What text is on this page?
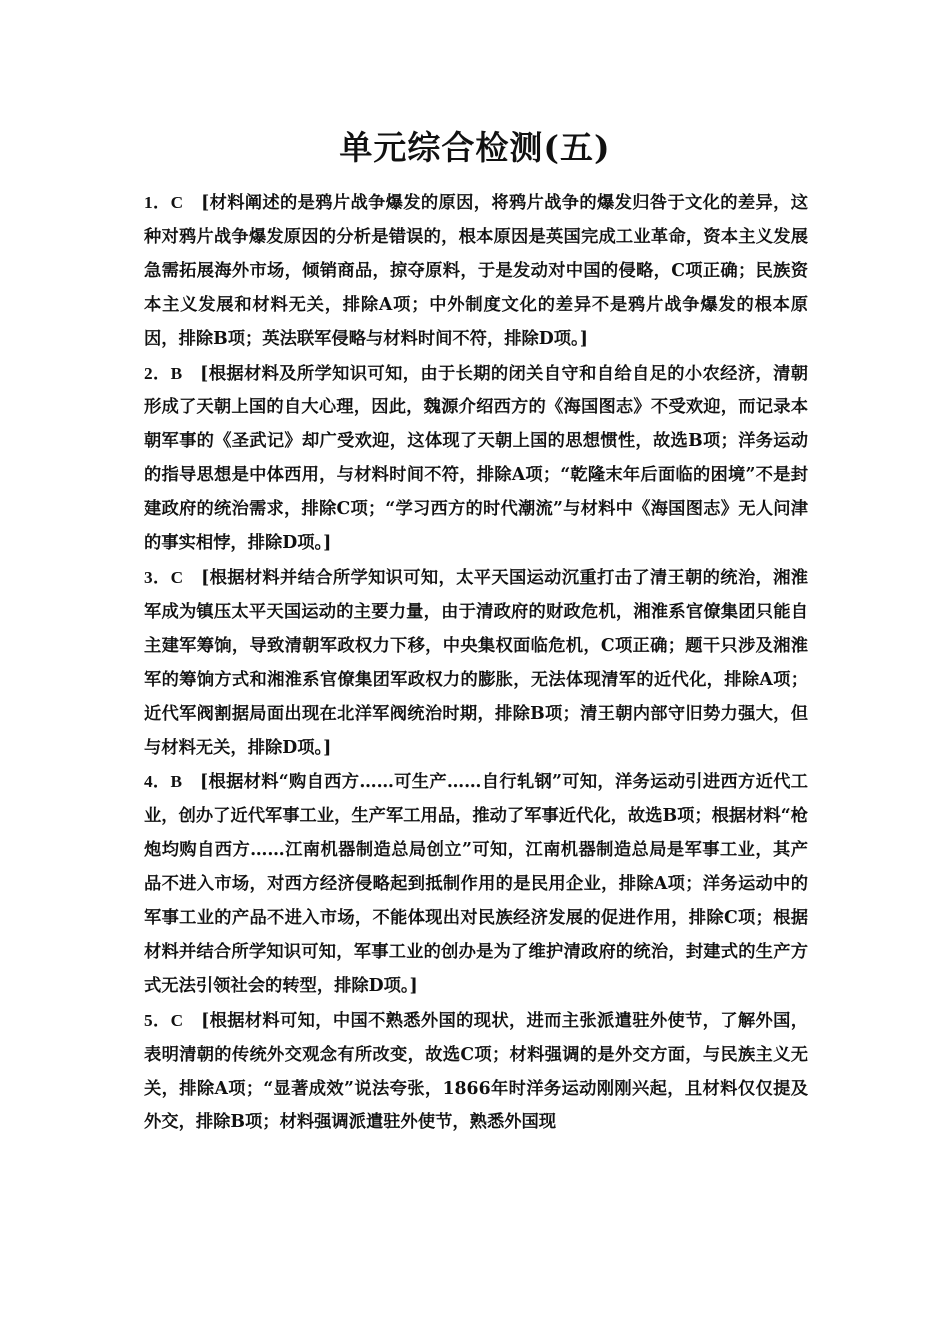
单元综合检测(五)

1．C [材料阐述的是鸦片战争爆发的原因，将鸦片战争的爆发归咎于文化的差异，这种对鸦片战争爆发原因的分析是错误的，根本原因是英国完成工业革命，资本主义发展急需拓展海外市场，倾销商品，掠夺原料，于是发动对中国的侵略，C项正确；民族资本主义发展和材料无关，排除A项；中外制度文化的差异不是鸦片战争爆发的根本原因，排除B项；英法联军侵略与材料时间不符，排除D项。]

2．B [根据材料及所学知识可知，由于长期的闭关自守和自给自足的小农经济，清朝形成了天朝上国的自大心理，因此，魏源介绍西方的《海国图志》不受欢迎，而记录本朝军事的《圣武记》却广受欢迎，这体现了天朝上国的思想惯性，故选B项；洋务运动的指导思想是中体西用，与材料时间不符，排除A项；“乾隆末年后面临的困境”不是封建政府的统治需求，排除C项；“学习西方的时代潮流”与材料中《海国图志》无人问津的事实相悖，排除D项。]

3．C [根据材料并结合所学知识可知，太平天国运动沉重打击了清王朝的统治，湘淮军成为镇压太平天国运动的主要力量，由于清政府的财政危机，湘淮系官僚集团只能自主建军筹饷，导致清朝军政权力下移，中央集权面临危机，C项正确；题干只涉及湘淮军的筹饷方式和湘淮系官僚集团军政权力的膨胀，无法体现清军的近代化，排除A项；近代军阀割据局面出现在北洋军阀统治时期，排除B项；清王朝内部守旧势力强大，但与材料无关，排除D项。]

4．B [根据材料“购自西方……可生产……自行轧钢”可知，洋务运动引进西方近代工业，创办了近代军事工业，生产军工用品，推动了军事近代化，故选B项；根据材料“枪炮均购自西方……江南机器制造总局创立”可知，江南机器制造总局是军事工业，其产品不进入市场，对西方经济侵略起到抵制作用的是民用企业，排除A项；洋务运动中的军事工业的产品不进入市场，不能体现出对民族经济发展的促进作用，排除C项；根据材料并结合所学知识可知，军事工业的创办是为了维护清政府的统治，封建式的生产方式无法引领社会的转型，排除D项。]

5．C [根据材料可知，中国不熟悉外国的现状，进而主张派遣驻外使节，了解外国，表明清朝的传统外交观念有所改变，故选C项；材料强调的是外交方面，与民族主义无关，排除A项；“显著成效”说法夸张，1866年时洋务运动刚刚兴起，且材料仅仅提及外交，排除B项；材料强调派遣驻外使节，熟悉外国现
